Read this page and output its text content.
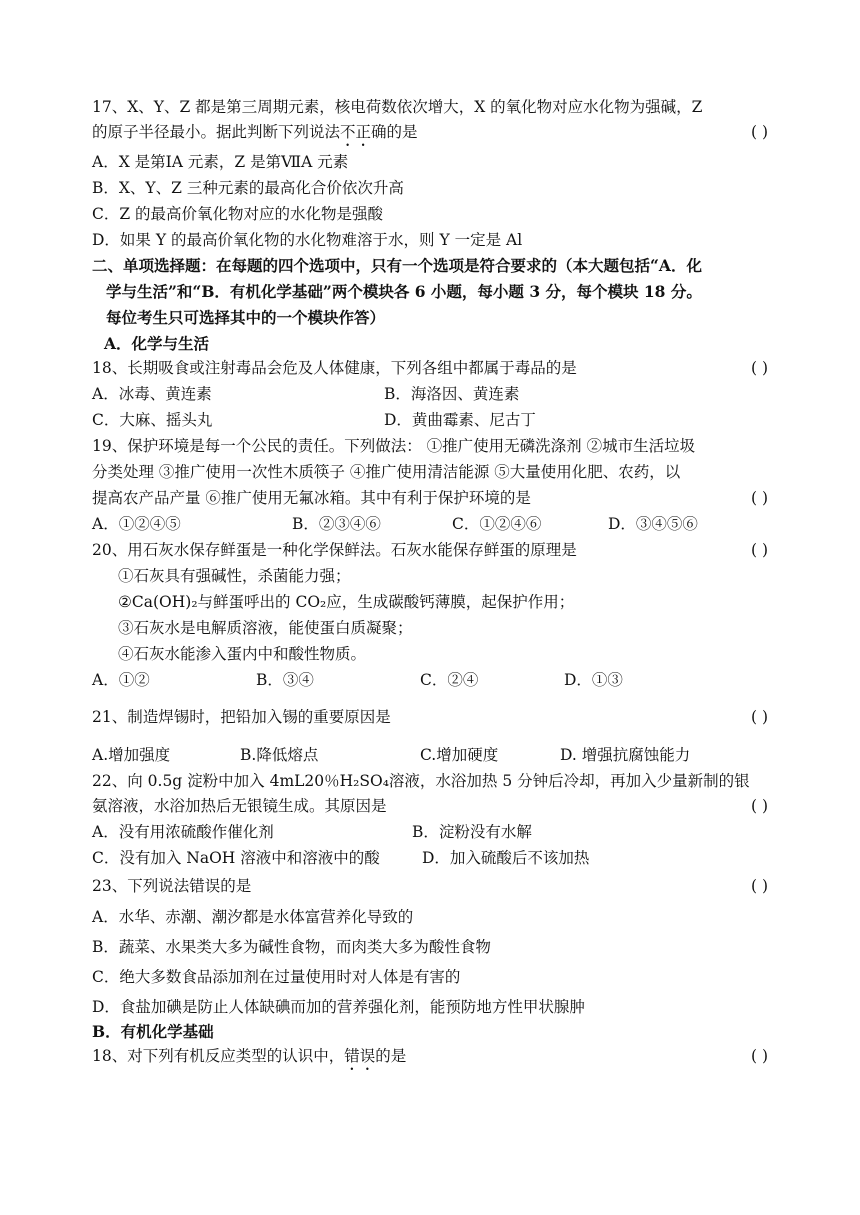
17、X、Y、Z 都是第三周期元素，核电荷数依次增大，X 的氧化物对应水化物为强碱，Z
的原子半径最小。据此判断下列说法不正确的是	( )
A．X 是第ⅠA 元素，Z 是第ⅦA 元素
B．X、Y、Z 三种元素的最高化合价依次升高
C．Z 的最高价氧化物对应的水化物是强酸
D．如果 Y 的最高价氧化物的水化物难溶于水，则 Y 一定是 Al
二、单项选择题：在每题的四个选项中，只有一个选项是符合要求的（本大题包括“A．化
学与生活”和“B．有机化学基础”两个模块各 6 小题，每小题 3 分，每个模块 18 分。
每位考生只可选择其中的一个模块作答）
A．化学与生活
18、长期吸食或注射毒品会危及人体健康，下列各组中都属于毒品的是	( )
A．冰毒、黄连素	B．海洛因、黄连素
C．大麻、摇头丸	D．黄曲霉素、尼古丁
19、保护环境是每一个公民的责任。下列做法： ①推广使用无磷洗涤剂 ②城市生活垃圾
分类处理 ③推广使用一次性木质筷子 ④推广使用清洁能源 ⑤大量使用化肥、农药，以
提高农产品产量 ⑥推广使用无氟冰箱。其中有利于保护环境的是	( )
A．①②④⑤	B．②③④⑥	C．①②④⑥	D．③④⑤⑥
20、用石灰水保存鲜蛋是一种化学保鲜法。石灰水能保存鲜蛋的原理是	( )
①石灰具有强碱性，杀菌能力强；
②Ca(OH)₂与鲜蛋呼出的 CO₂应，生成碳酸钙薄膜，起保护作用；
③石灰水是电解质溶液，能使蛋白质凝聚；
④石灰水能渗入蛋内中和酸性物质。
A．①②	B．③④	C．②④	D．①③
21、制造焊锡时，把铅加入锡的重要原因是	( )
A.增加强度	B.降低熔点	C.增加硬度	D. 增强抗腐蚀能力
22、向 0.5g 淀粉中加入 4mL20％H₂SO₄溶液，水浴加热 5 分钟后冷却，再加入少量新制的银
氨溶液，水浴加热后无银镜生成。其原因是	( )
A．没有用浓硫酸作催化剂	B．淀粉没有水解
C．没有加入 NaOH 溶液中和溶液中的酸	D．加入硫酸后不该加热
23、下列说法错误的是	( )
A．水华、赤潮、潮汐都是水体富营养化导致的
B．蔬菜、水果类大多为碱性食物，而肉类大多为酸性食物
C．绝大多数食品添加剂在过量使用时对人体是有害的
D．食盐加碘是防止人体缺碘而加的营养强化剂，能预防地方性甲状腺肿
B．有机化学基础
18、对下列有机反应类型的认识中，错误的是	( )
